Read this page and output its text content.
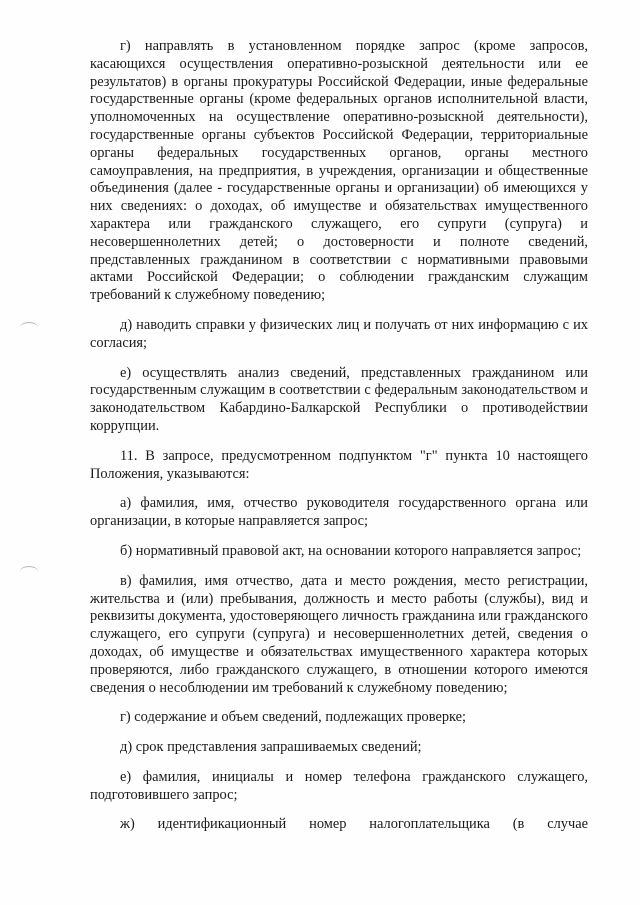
г) направлять в установленном порядке запрос (кроме запросов, касающихся осуществления оперативно-розыскной деятельности или ее результатов) в органы прокуратуры Российской Федерации, иные федеральные государственные органы (кроме федеральных органов исполнительной власти, уполномоченных на осуществление оперативно-розыскной деятельности), государственные органы субъектов Российской Федерации, территориальные органы федеральных государственных органов, органы местного самоуправления, на предприятия, в учреждения, организации и общественные объединения (далее - государственные органы и организации) об имеющихся у них сведениях: о доходах, об имуществе и обязательствах имущественного характера или гражданского служащего, его супруги (супруга) и несовершеннолетних детей; о достоверности и полноте сведений, представленных гражданином в соответствии с нормативными правовыми актами Российской Федерации; о соблюдении гражданским служащим требований к служебному поведению;

д) наводить справки у физических лиц и получать от них информацию с их согласия;

е) осуществлять анализ сведений, представленных гражданином или государственным служащим в соответствии с федеральным законодательством и законодательством Кабардино-Балкарской Республики о противодействии коррупции.

11. В запросе, предусмотренном подпунктом "г" пункта 10 настоящего Положения, указываются:

а) фамилия, имя, отчество руководителя государственного органа или организации, в которые направляется запрос;

б) нормативный правовой акт, на основании которого направляется запрос;

в) фамилия, имя отчество, дата и место рождения, место регистрации, жительства и (или) пребывания, должность и место работы (службы), вид и реквизиты документа, удостоверяющего личность гражданина или гражданского служащего, его супруги (супруга) и несовершеннолетних детей, сведения о доходах, об имуществе и обязательствах имущественного характера которых проверяются, либо гражданского служащего, в отношении которого имеются сведения о несоблюдении им требований к служебному поведению;

г) содержание и объем сведений, подлежащих проверке;

д) срок представления запрашиваемых сведений;

е) фамилия, инициалы и номер телефона гражданского служащего, подготовившего запрос;

ж) идентификационный номер налогоплательщика (в случае
